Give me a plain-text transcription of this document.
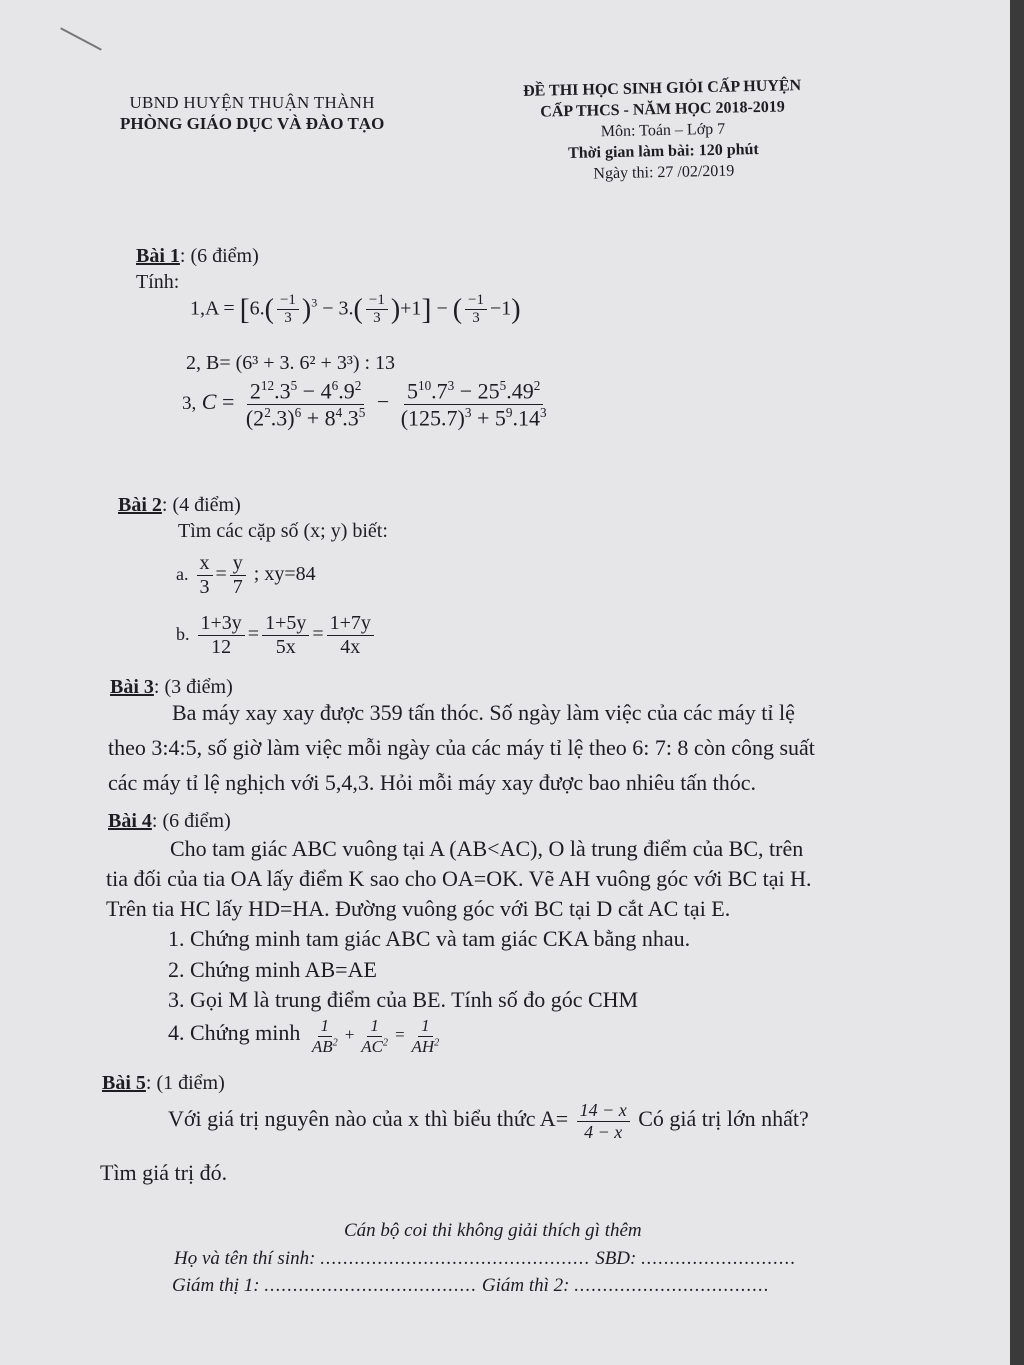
UBND HUYỆN THUẬN THÀNH
PHÒNG GIÁO DỤC VÀ ĐÀO TẠO
ĐỀ THI HỌC SINH GIỎI CẤP HUYỆN
CẤP THCS - NĂM HỌC 2018-2019
Môn: Toán – Lớp 7
Thời gian làm bài: 120 phút
Ngày thi: 27 /02/2019
Bài 1: (6 điểm)
Tính:
$1,A = [6.( \frac{-1}{3} )^3 - 3.( \frac{-1}{3} )+1]$ − ( $\frac{-1}{3} -1$)
2, B= (6³ + 3. 6² + 3³) : 13
3, $C = \frac{2^{12}.3^5 - 4^6.9^2}{(2^2.3)^6 + 8^4.3^5} - \frac{5^{10}.7^3 - 25^5.49^2}{(125.7)^3 + 5^9.14^3}$
Bài 2: (4 điểm)
Tìm các cặp số (x; y) biết:
a. $\frac{x}{3} = \frac{y}{7}$ ; xy=84
b. $\frac{1+3y}{12} = \frac{1+5y}{5x} = \frac{1+7y}{4x}$
Bài 3: (3 điểm)
Ba máy xay xay được 359 tấn thóc. Số ngày làm việc của các máy tỉ lệ
theo 3:4:5, số giờ làm việc mỗi ngày của các máy tỉ lệ theo 6: 7: 8 còn công suất
các máy tỉ lệ nghịch với 5,4,3. Hỏi mỗi máy xay được bao nhiêu tấn thóc.
Bài 4: (6 điểm)
Cho tam giác ABC vuông tại A (AB<AC), O là trung điểm của BC, trên
tia đối của tia OA lấy điểm K sao cho OA=OK. Vẽ AH vuông góc với BC tại H.
Trên tia HC lấy HD=HA. Đường vuông góc với BC tại D cắt AC tại E.
1. Chứng minh tam giác ABC và tam giác CKA bằng nhau.
2. Chứng minh AB=AE
3. Gọi M là trung điểm của BE. Tính số đo góc CHM
4. Chứng minh $\frac{1}{AB^2} + \frac{1}{AC^2} = \frac{1}{AH^2}$
Bài 5: (1 điểm)
Với giá trị nguyên nào của x thì biểu thức $A= \frac{14 - x}{4 - x}$ Có giá trị lớn nhất?
Tìm giá trị đó.
Cán bộ coi thi không giải thích gì thêm
Họ và tên thí sinh: ............................................... SBD: ...........................
Giám thị 1: ..................................... Giám thì 2: ..................................
